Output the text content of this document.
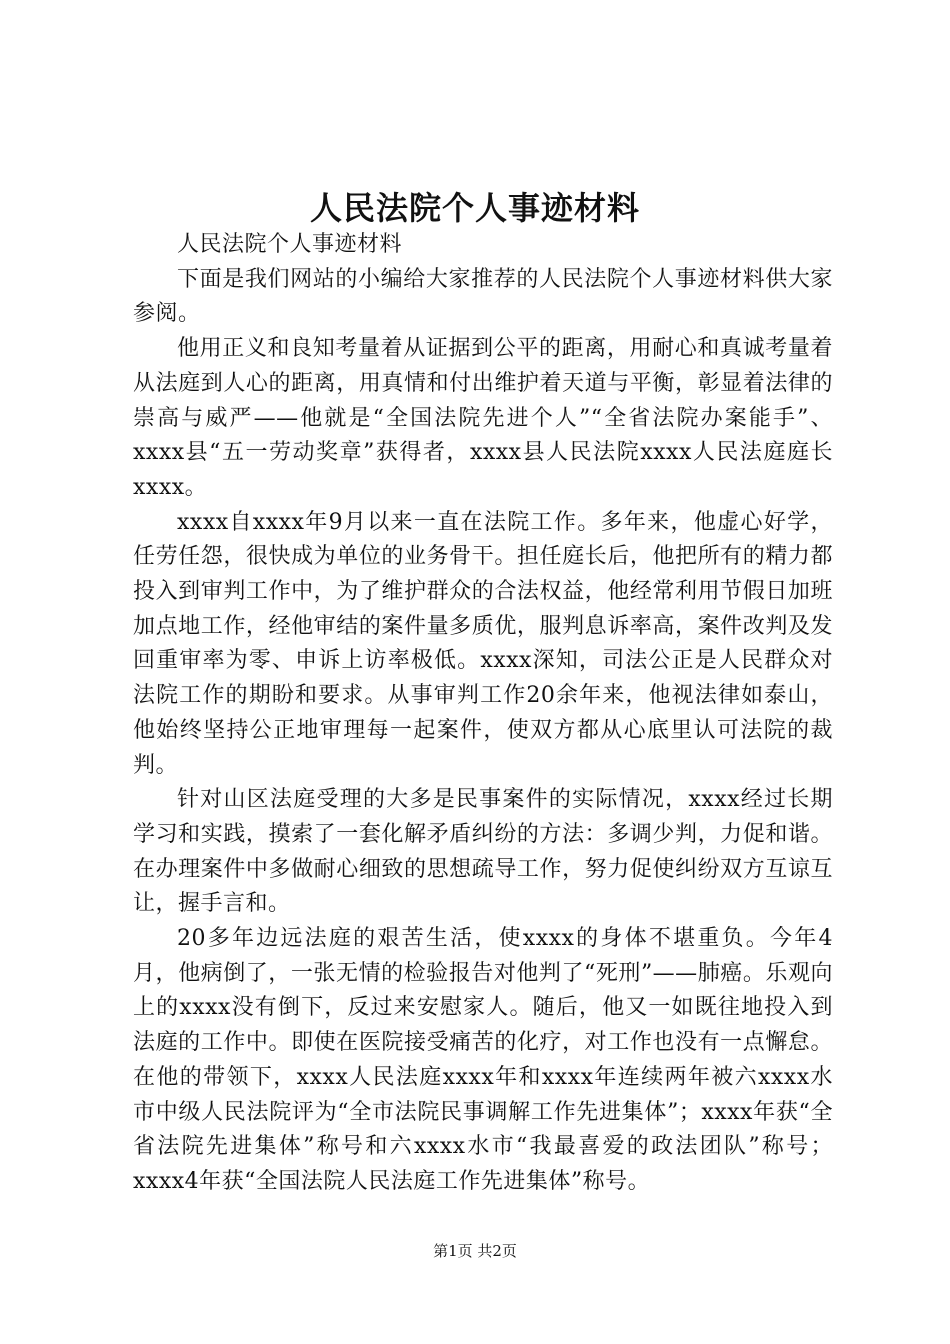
人民法院个人事迹材料

人民法院个人事迹材料

下面是我们网站的小编给大家推荐的人民法院个人事迹材料供大家参阅。

他用正义和良知考量着从证据到公平的距离，用耐心和真诚考量着从法庭到人心的距离，用真情和付出维护着天道与平衡，彰显着法律的崇高与威严——他就是“全国法院先进个人”“全省法院办案能手”、xxxx县“五一劳动奖章”获得者，xxxx县人民法院xxxx人民法庭庭长xxxx。

xxxx自xxxx年9月以来一直在法院工作。多年来，他虚心好学，任劳任怨，很快成为单位的业务骨干。担任庭长后，他把所有的精力都投入到审判工作中，为了维护群众的合法权益，他经常利用节假日加班加点地工作，经他审结的案件量多质优，服判息诉率高，案件改判及发回重审率为零、申诉上访率极低。xxxx深知，司法公正是人民群众对法院工作的期盼和要求。从事审判工作20余年来，他视法律如泰山，他始终坚持公正地审理每一起案件，使双方都从心底里认可法院的裁判。

针对山区法庭受理的大多是民事案件的实际情况，xxxx经过长期学习和实践，摸索了一套化解矛盾纠纷的方法：多调少判，力促和谐。在办理案件中多做耐心细致的思想疏导工作，努力促使纠纷双方互谅互让，握手言和。

20多年边远法庭的艰苦生活，使xxxx的身体不堪重负。今年4月，他病倒了，一张无情的检验报告对他判了“死刑”——肺癌。乐观向上的xxxx没有倒下，反过来安慰家人。随后，他又一如既往地投入到法庭的工作中。即使在医院接受痛苦的化疗，对工作也没有一点懈怠。在他的带领下，xxxx人民法庭xxxx年和xxxx年连续两年被六xxxx水市中级人民法院评为“全市法院民事调解工作先进集体”；xxxx年获“全省法院先进集体”称号和六xxxx水市“我最喜爱的政法团队”称号；xxxx4年获“全国法院人民法庭工作先进集体”称号。

第1页 共2页
